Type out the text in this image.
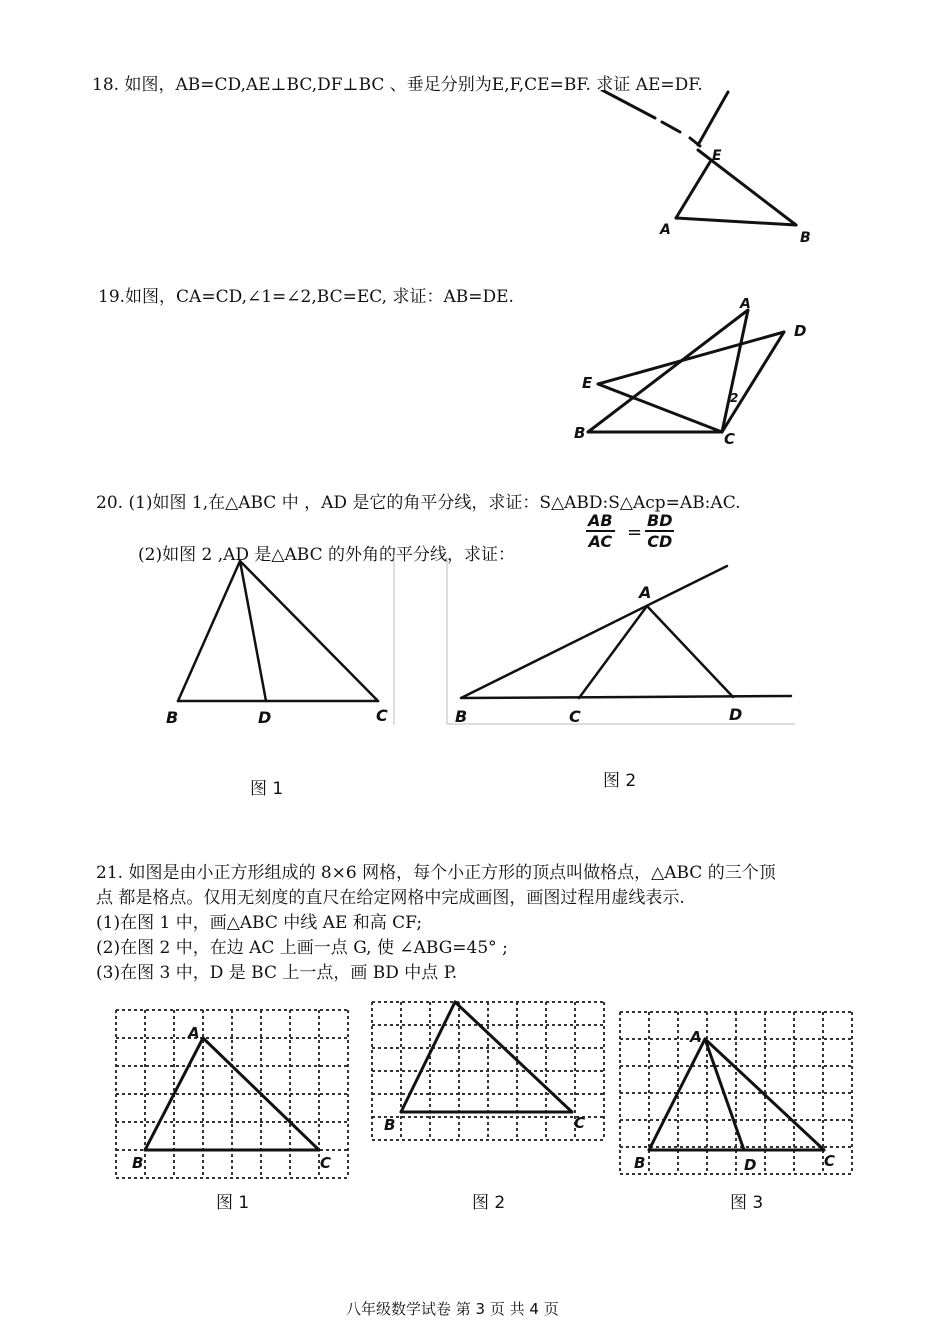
18. 如图，AB=CD,AE⊥BC,DF⊥BC 、垂足分别为E,F,CE=BF. 求证 AE=DF.
E
A	B
19.如图，CA=CD,∠1=∠2,BC=EC, 求证：AB=DE.	A
D
E
2
B	C
20. (1)如图 1,在△ABC 中 ，AD 是它的角平分线，求证：S△ABD:S△Acp=AB:AC.
(2)如图 2 ,AD 是△ABC 的外角的平分线，求证：
$\frac{AB}{AC} = \frac{BD}{CD}$
B	D	C
A
B	C	D
图 1	图 2
21. 如图是由小正方形组成的 8×6 网格，每个小正方形的顶点叫做格点，△ABC 的三个顶
点 都是格点。仅用无刻度的直尺在给定网格中完成画图，画图过程用虚线表示.
(1)在图 1 中，画△ABC 中线 AE 和高 CF;
(2)在图 2 中，在边 AC 上画一点 G, 使 ∠ABG=45° ;
(3)在图 3 中，D 是 BC 上一点，画 BD 中点 P.
A
B	C
B	C
A
B	D	C
图 1	图 2	图 3
八年级数学试卷 第 3 页 共 4 页
